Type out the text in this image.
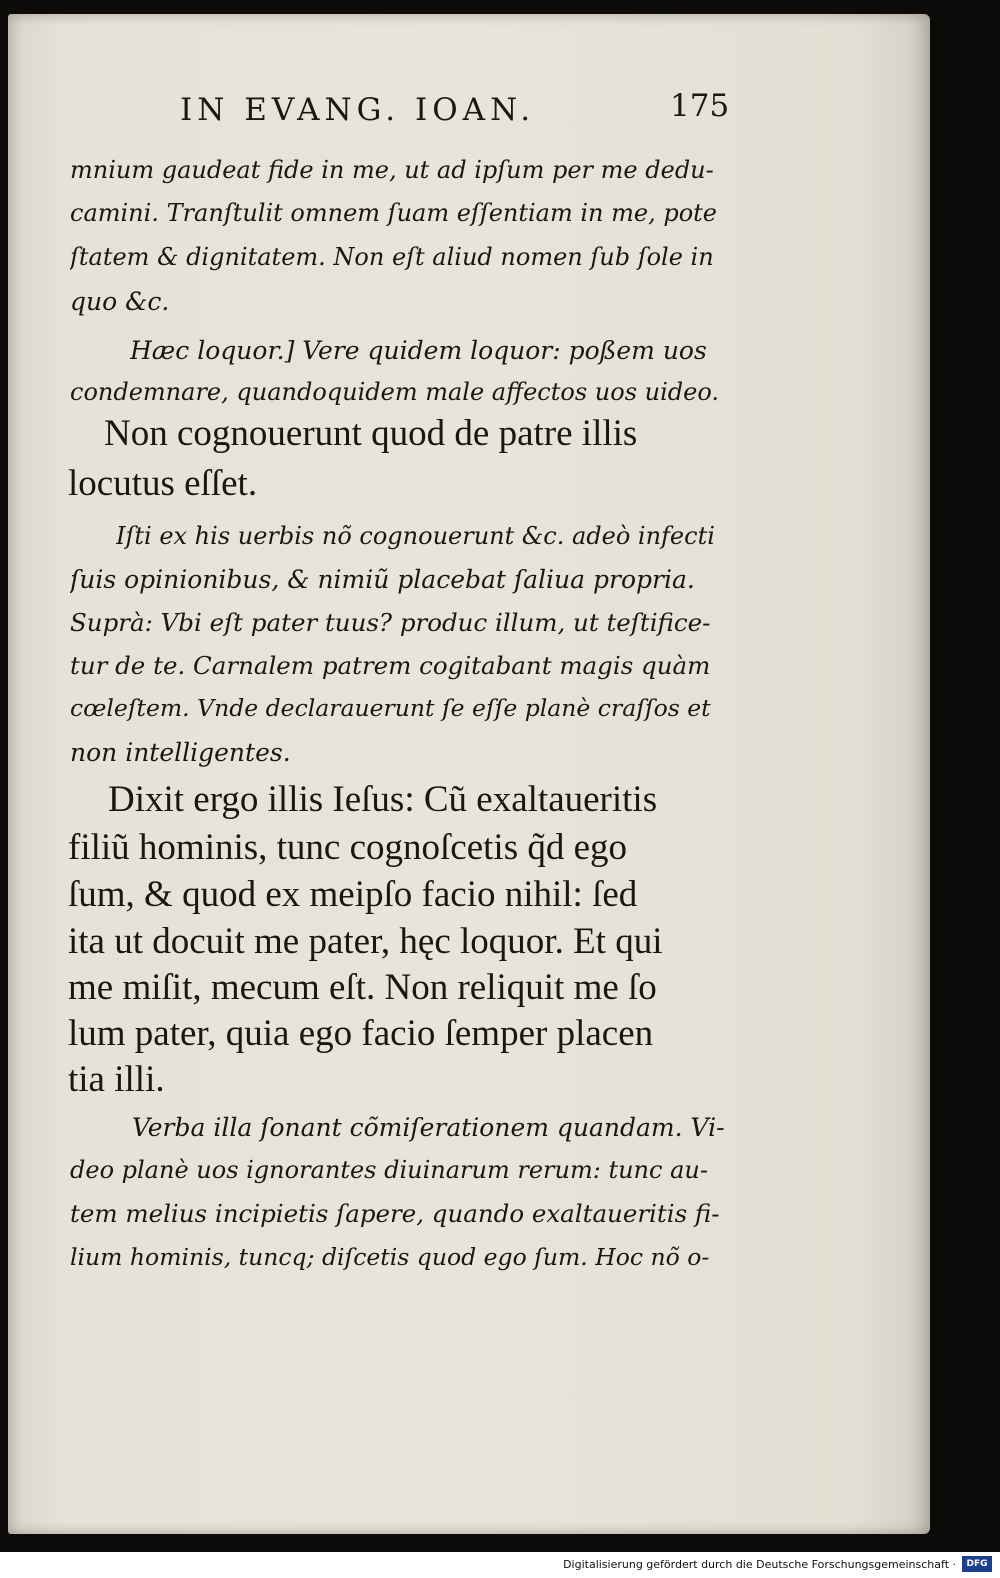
IN EVANG. IOAN.	175
mnium gaudeat fide in me, ut ad ipſum per me dedu-
camini. Tranſtulit omnem ſuam eſſentiam in me, pote
ſtatem & dignitatem. Non eſt aliud nomen ſub ſole in
quo &c.
Hæc loquor.] Vere quidem loquor: poßem uos
condemnare, quandoquidem male affectos uos uideo.
Non cognouerunt quod de patre illis
locutus eſſet.
Iſti ex his uerbis nõ cognouerunt &c. adeò infecti
ſuis opinionibus, & nimiũ placebat ſaliua propria.
Suprà: Vbi eſt pater tuus? produc illum, ut teſtifice-
tur de te. Carnalem patrem cogitabant magis quàm
cœleſtem. Vnde declarauerunt ſe eſſe planè craſſos et
non intelligentes.
Dixit ergo illis Ieſus: Cũ exaltaueritis
filiũ hominis, tunc cognoſcetis q̃d ego
ſum, & quod ex meipſo facio nihil: ſed
ita ut docuit me pater, hęc loquor. Et qui
me miſit, mecum eſt. Non reliquit me ſo
lum pater, quia ego facio ſemper placen
tia illi.
Verba illa ſonant cõmiſerationem quandam. Vi-
deo planè uos ignorantes diuinarum rerum: tunc au-
tem melius incipietis ſapere, quando exaltaueritis fi-
lium hominis, tuncq; diſcetis quod ego ſum. Hoc nõ o-
Digitalisierung gefördert durch die Deutsche Forschungsgemeinschaft ·	DFG
